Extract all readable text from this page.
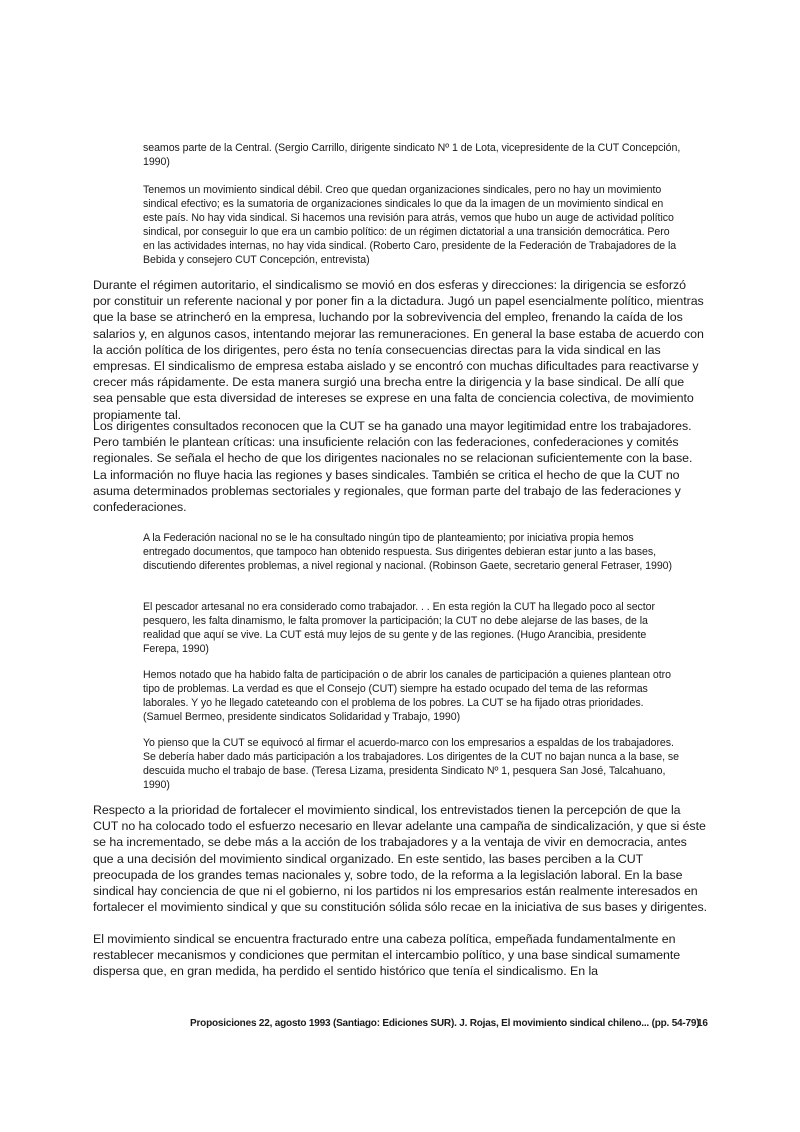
seamos parte de la Central. (Sergio Carrillo, dirigente sindicato Nº 1 de Lota, vicepresidente de la CUT Concepción, 1990)

Tenemos un movimiento sindical débil. Creo que quedan organizaciones sindicales, pero no hay un movimiento sindical efectivo; es la sumatoria de organizaciones sindicales lo que da la imagen de un movimiento sindical en este país. No hay vida sindical. Si hacemos una revisión para atrás, vemos que hubo un auge de actividad político sindical, por conseguir lo que era un cambio político: de un régimen dictatorial a una transición democrática. Pero en las actividades internas, no hay vida sindical. (Roberto Caro, presidente de la Federación de Trabajadores de la Bebida y consejero CUT Concepción, entrevista)

Durante el régimen autoritario, el sindicalismo se movió en dos esferas y direcciones: la dirigencia se esforzó por constituir un referente nacional y por poner fin a la dictadura. Jugó un papel esencialmente político, mientras que la base se atrincheró en la empresa, luchando por la sobrevivencia del empleo, frenando la caída de los salarios y, en algunos casos, intentando mejorar las remuneraciones. En general la base estaba de acuerdo con la acción política de los dirigentes, pero ésta no tenía consecuencias directas para la vida sindical en las empresas. El sindicalismo de empresa estaba aislado y se encontró con muchas dificultades para reactivarse y crecer más rápidamente. De esta manera surgió una brecha entre la dirigencia y la base sindical. De allí que sea pensable que esta diversidad de intereses se exprese en una falta de conciencia colectiva, de movimiento propiamente tal.

Los dirigentes consultados reconocen que la CUT se ha ganado una mayor legitimidad entre los trabajadores. Pero también le plantean críticas: una insuficiente relación con las federaciones, confederaciones y comités regionales. Se señala el hecho de que los dirigentes nacionales no se relacionan suficientemente con la base. La información no fluye hacia las regiones y bases sindicales. También se critica el hecho de que la CUT no asuma determinados problemas sectoriales y regionales, que forman parte del trabajo de las federaciones y confederaciones.

A la Federación nacional no se le ha consultado ningún tipo de planteamiento; por iniciativa propia hemos entregado documentos, que tampoco han obtenido respuesta. Sus dirigentes debieran estar junto a las bases, discutiendo diferentes problemas, a nivel regional y nacional. (Robinson Gaete, secretario general Fetraser, 1990)

El pescador artesanal no era considerado como trabajador. . . En esta región la CUT ha llegado poco al sector pesquero, les falta dinamismo, le falta promover la participación; la CUT no debe alejarse de las bases, de la realidad que aquí se vive. La CUT está muy lejos de su gente y de las regiones. (Hugo Arancibia, presidente Ferepa, 1990)

Hemos notado que ha habido falta de participación o de abrir los canales de participación a quienes plantean otro tipo de problemas. La verdad es que el Consejo (CUT) siempre ha estado ocupado del tema de las reformas laborales. Y yo he llegado cateteando con el problema de los pobres. La CUT se ha fijado otras prioridades. (Samuel Bermeo, presidente sindicatos Solidaridad y Trabajo, 1990)

Yo pienso que la CUT se equivocó al firmar el acuerdo-marco con los empresarios a espaldas de los trabajadores. Se debería haber dado más participación a los trabajadores. Los dirigentes de la CUT no bajan nunca a la base, se descuida mucho el trabajo de base. (Teresa Lizama, presidenta Sindicato Nº 1, pesquera San José, Talcahuano, 1990)

Respecto a la prioridad de fortalecer el movimiento sindical, los entrevistados tienen la percepción de que la CUT no ha colocado todo el esfuerzo necesario en llevar adelante una campaña de sindicalización, y que si éste se ha incrementado, se debe más a la acción de los trabajadores y a la ventaja de vivir en democracia, antes que a una decisión del movimiento sindical organizado. En este sentido, las bases perciben a la CUT preocupada de los grandes temas nacionales y, sobre todo, de la reforma a la legislación laboral. En la base sindical hay conciencia de que ni el gobierno, ni los partidos ni los empresarios están realmente interesados en fortalecer el movimiento sindical y que su constitución sólida sólo recae en la iniciativa de sus bases y dirigentes.

El movimiento sindical se encuentra fracturado entre una cabeza política, empeñada fundamentalmente en restablecer mecanismos y condiciones que permitan el intercambio político, y una base sindical sumamente dispersa que, en gran medida, ha perdido el sentido histórico que tenía el sindicalismo. En la

Proposiciones 22, agosto 1993 (Santiago: Ediciones SUR). J. Rojas, El movimiento sindical chileno... (pp. 54-79)
16
